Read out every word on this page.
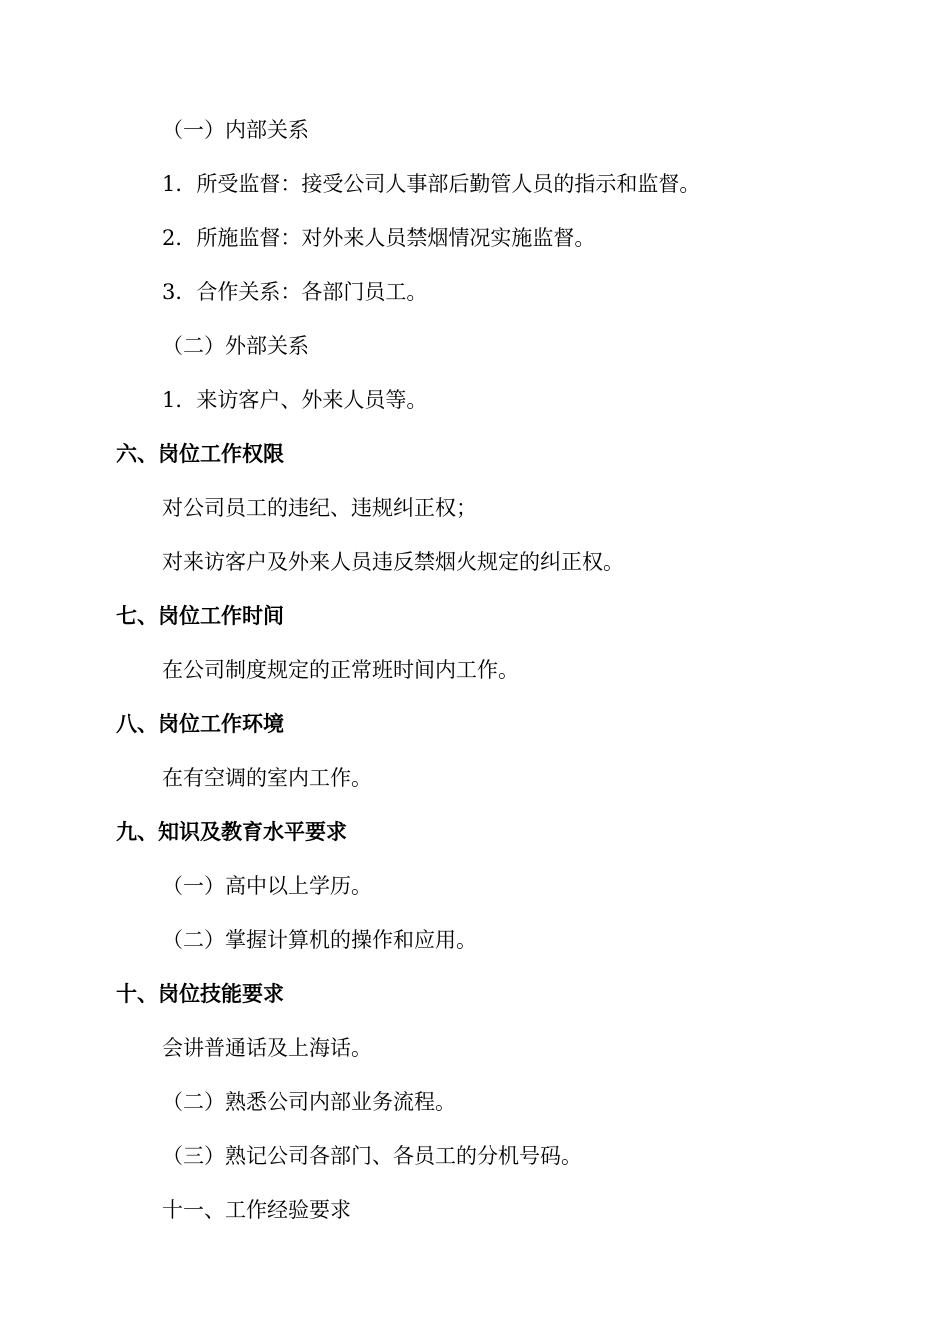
（一）内部关系
1．所受监督：接受公司人事部后勤管人员的指示和监督。
2．所施监督：对外来人员禁烟情况实施监督。
3．合作关系：各部门员工。
（二）外部关系
1．来访客户、外来人员等。
六、岗位工作权限
对公司员工的违纪、违规纠正权；
对来访客户及外来人员违反禁烟火规定的纠正权。
七、岗位工作时间
在公司制度规定的正常班时间内工作。
八、岗位工作环境
在有空调的室内工作。
九、知识及教育水平要求
（一）高中以上学历。
（二）掌握计算机的操作和应用。
十、岗位技能要求
会讲普通话及上海话。
（二）熟悉公司内部业务流程。
（三）熟记公司各部门、各员工的分机号码。
十一、工作经验要求
